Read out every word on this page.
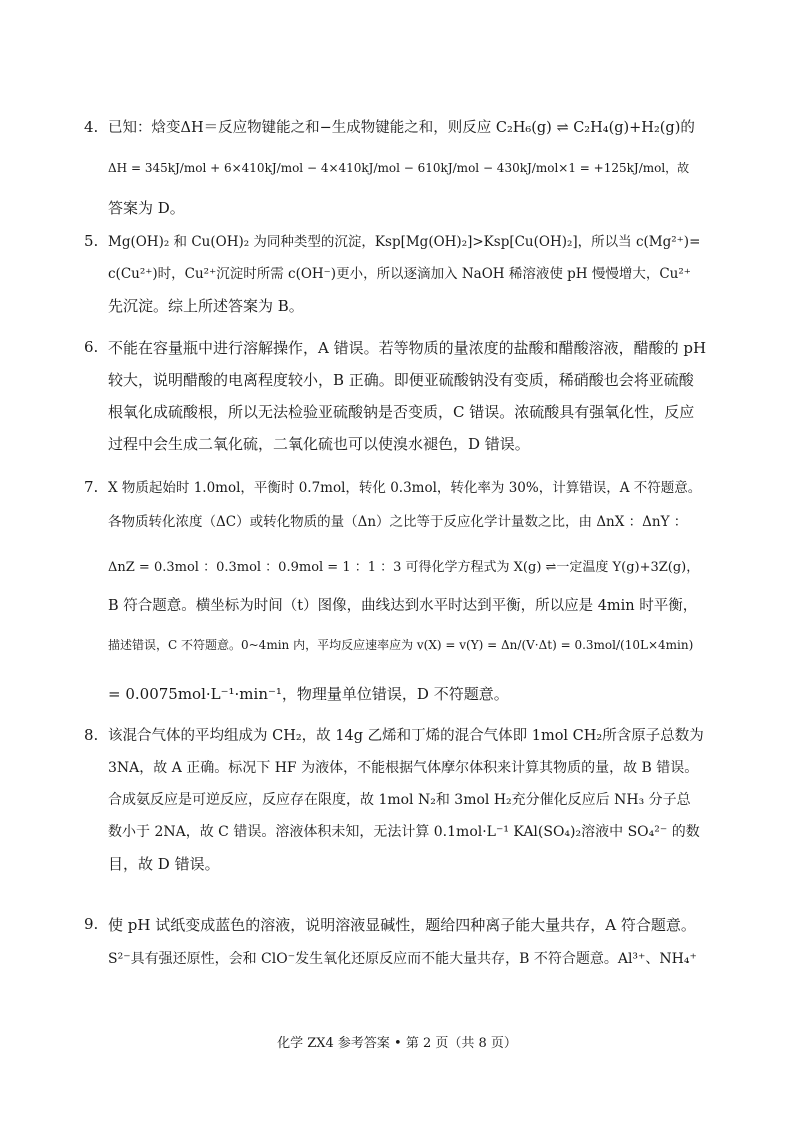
4. 已知：焓变ΔH＝反应物键能之和−生成物键能之和，则反应 C₂H₆(g) ⇌ C₂H₄(g)+H₂(g)的
ΔH = 345kJ/mol + 6×410kJ/mol − 4×410kJ/mol − 610kJ/mol − 430kJ/mol×1 = +125kJ/mol，故
答案为 D。
5. Mg(OH)₂ 和 Cu(OH)₂ 为同种类型的沉淀，Ksp[Mg(OH)₂]>Ksp[Cu(OH)₂]，所以当 c(Mg²⁺)=
c(Cu²⁺)时，Cu²⁺沉淀时所需 c(OH⁻)更小，所以逐滴加入 NaOH 稀溶液使 pH 慢慢增大，Cu²⁺
先沉淀。综上所述答案为 B。
6. 不能在容量瓶中进行溶解操作，A 错误。若等物质的量浓度的盐酸和醋酸溶液，醋酸的 pH
较大，说明醋酸的电离程度较小，B 正确。即便亚硫酸钠没有变质，稀硝酸也会将亚硫酸
根氧化成硫酸根，所以无法检验亚硫酸钠是否变质，C 错误。浓硫酸具有强氧化性，反应
过程中会生成二氧化硫，二氧化硫也可以使溴水褪色，D 错误。
7. X 物质起始时 1.0mol，平衡时 0.7mol，转化 0.3mol，转化率为 30%，计算错误，A 不符题意。
各物质转化浓度（ΔC）或转化物质的量（Δn）之比等于反应化学计量数之比，由 ΔnX ：ΔnY ：
ΔnZ = 0.3mol ：0.3mol ：0.9mol = 1 ：1 ：3 可得化学方程式为 X(g) ⇌一定温度 Y(g)+3Z(g)，
B 符合题意。横坐标为时间（t）图像，曲线达到水平时达到平衡，所以应是 4min 时平衡，
描述错误，C 不符题意。0~4min 内，平均反应速率应为 v(X) = v(Y) = Δn/(V·Δt) = 0.3mol/(10L×4min)
= 0.0075mol·L⁻¹·min⁻¹，物理量单位错误，D 不符题意。
8. 该混合气体的平均组成为 CH₂，故 14g 乙烯和丁烯的混合气体即 1mol CH₂所含原子总数为
3NA，故 A 正确。标况下 HF 为液体，不能根据气体摩尔体积来计算其物质的量，故 B 错误。
合成氨反应是可逆反应，反应存在限度，故 1mol N₂和 3mol H₂充分催化反应后 NH₃ 分子总
数小于 2NA，故 C 错误。溶液体积未知，无法计算 0.1mol·L⁻¹ KAl(SO₄)₂溶液中 SO₄²⁻ 的数
目，故 D 错误。
9. 使 pH 试纸变成蓝色的溶液，说明溶液显碱性，题给四种离子能大量共存，A 符合题意。
S²⁻具有强还原性，会和 ClO⁻发生氧化还原反应而不能大量共存，B 不符合题意。Al³⁺、NH₄⁺
化学 ZX4 参考答案 • 第 2 页（共 8 页）
